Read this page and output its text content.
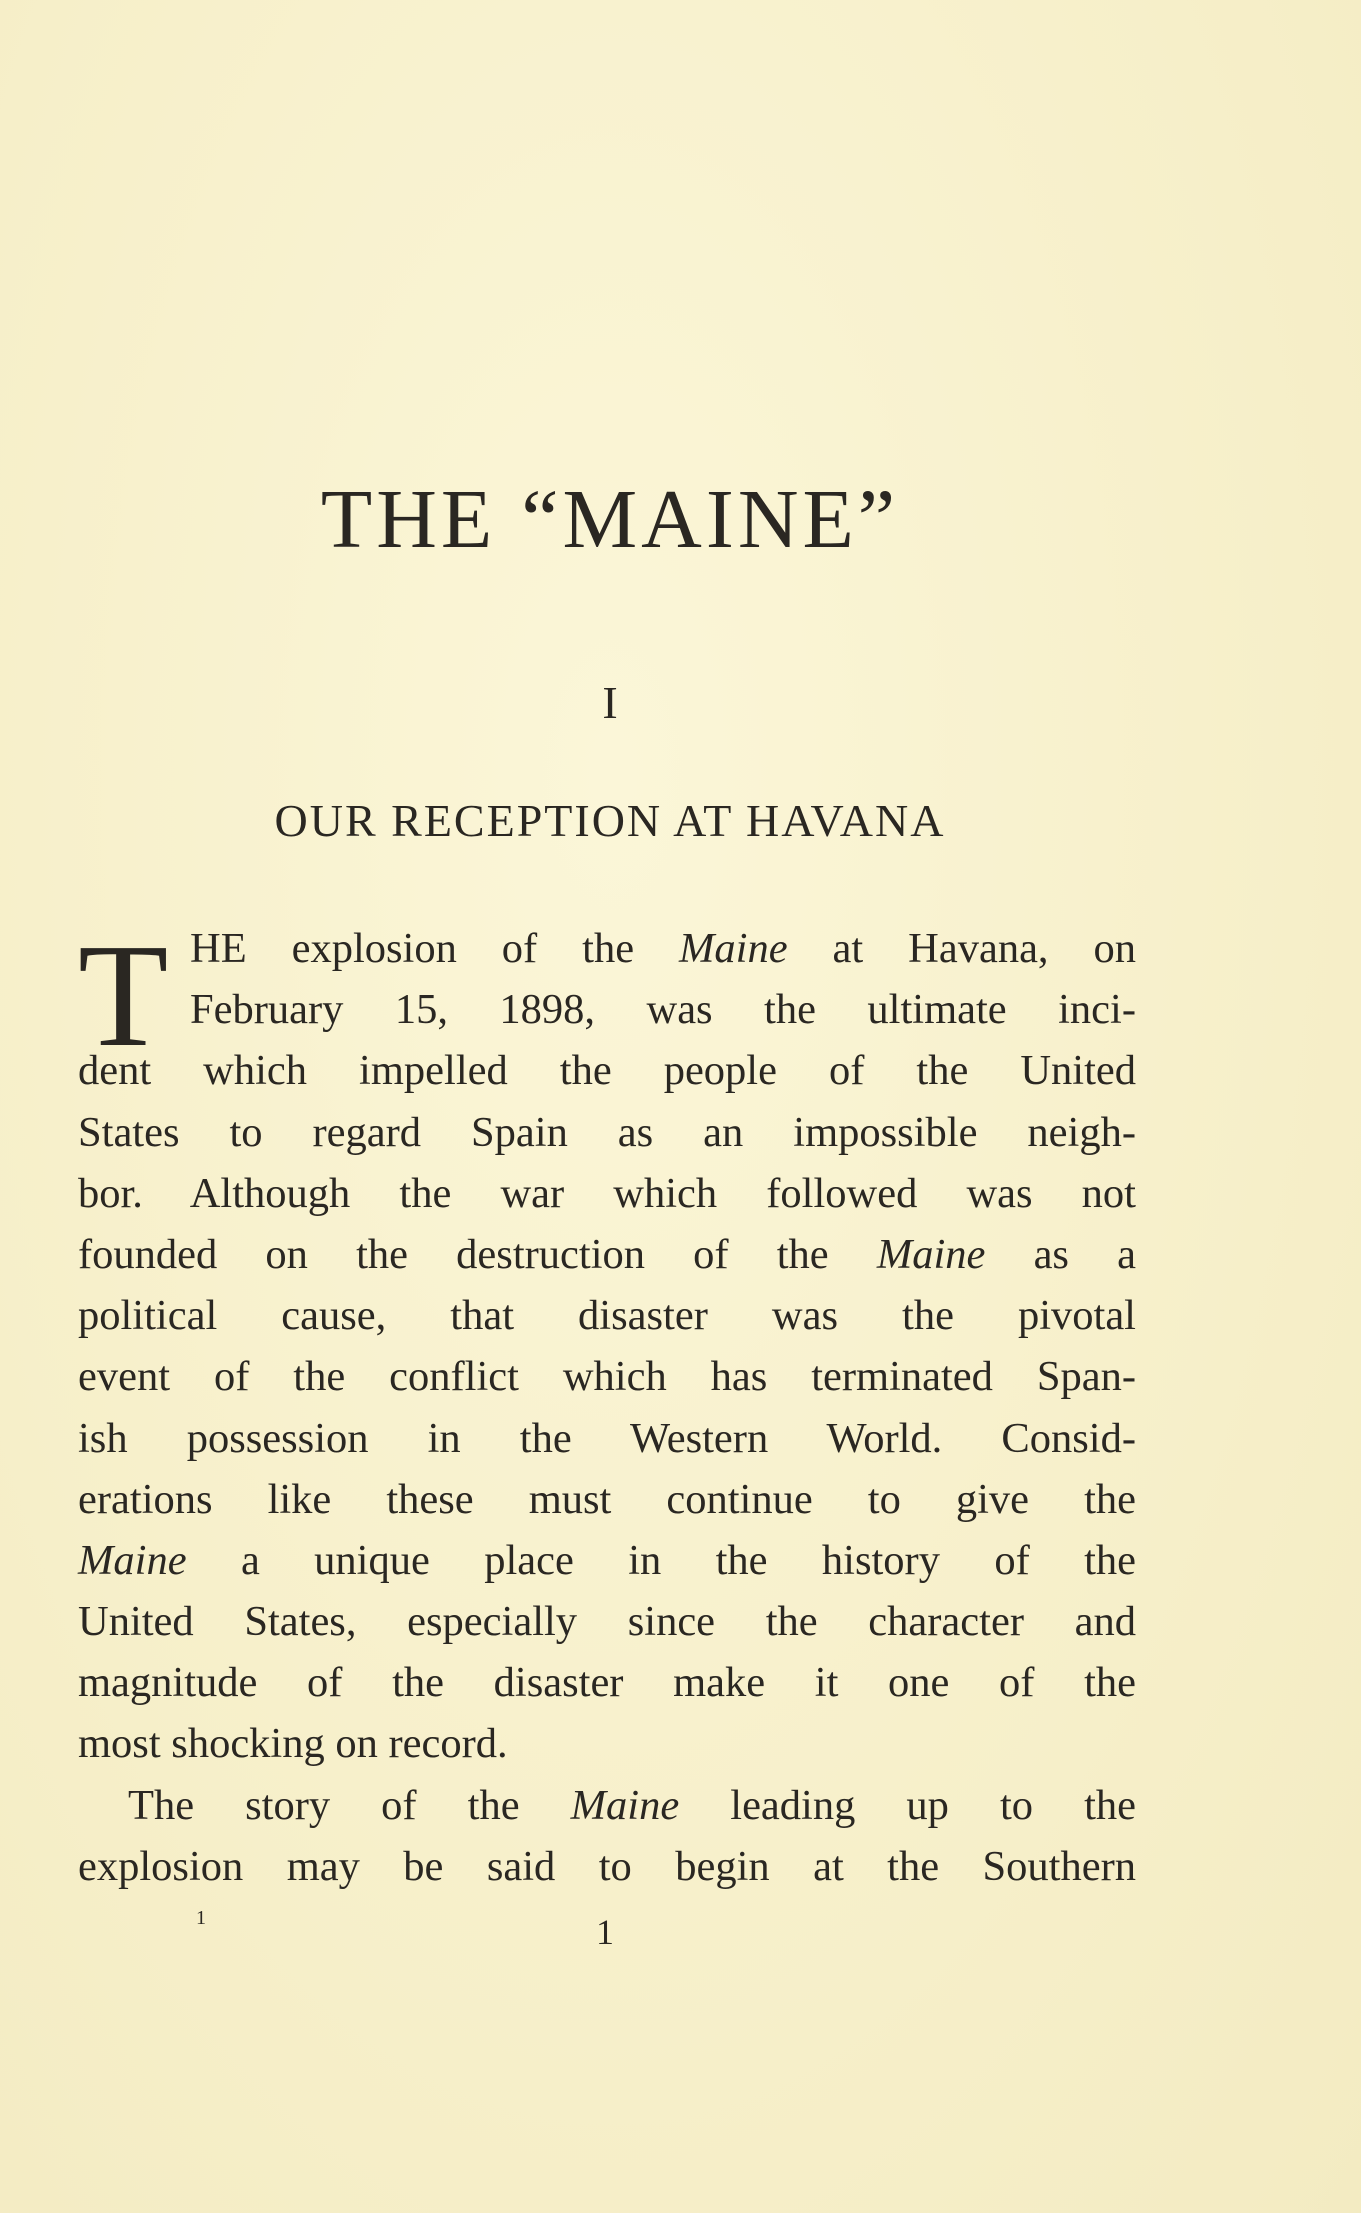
THE “MAINE”
I
OUR RECEPTION AT HAVANA
T HE explosion of the Maine at Havana, on
February 15, 1898, was the ultimate inci-
dent which impelled the people of the United
States to regard Spain as an impossible neigh-
bor. Although the war which followed was not
founded on the destruction of the Maine as a
political cause, that disaster was the pivotal
event of the conflict which has terminated Span-
ish possession in the Western World. Consid-
erations like these must continue to give the
Maine a unique place in the history of the
United States, especially since the character and
magnitude of the disaster make it one of the
most shocking on record.
The story of the Maine leading up to the
explosion may be said to begin at the Southern
1	1
